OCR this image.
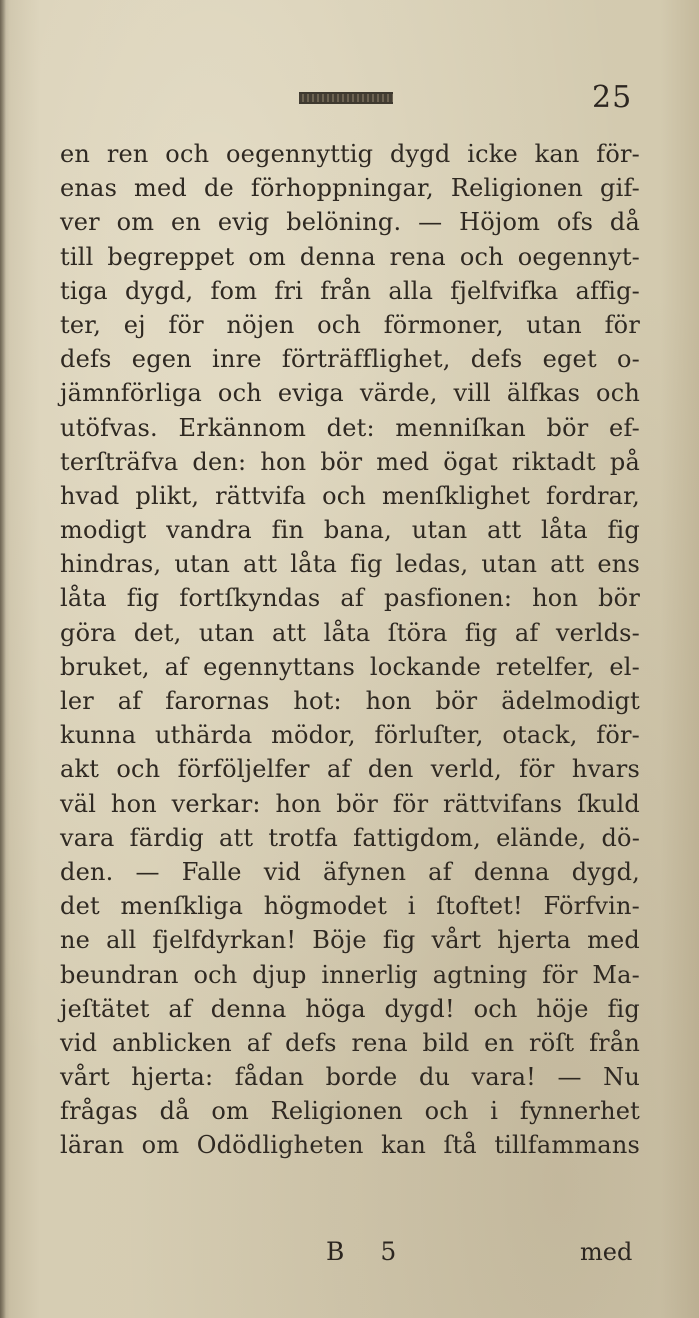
25
en ren och oegennyttig dygd icke kan för-
enas med de förhoppningar, Religionen gif-
ver om en evig belöning. — Höjom ofs då
till begreppet om denna rena och oegennyt-
tiga dygd, fom fri från alla fjelfvifka affig-
ter, ej för nöjen och förmoner, utan för
defs egen inre förträfflighet, defs eget o-
jämnförliga och eviga värde, vill älfkas och
utöfvas. Erkännom det: menniſkan bör ef-
terſträfva den: hon bör med ögat riktadt på
hvad plikt, rättvifa och menſklighet fordrar,
modigt vandra fin bana, utan att låta fig
hindras, utan att låta fig ledas, utan att ens
låta fig fortſkyndas af pasfionen: hon bör
göra det, utan att låta ſtöra fig af verlds-
bruket, af egennyttans lockande retelfer, el-
ler af farornas hot: hon bör ädelmodigt
kunna uthärda mödor, förluſter, otack, för-
akt och förföljelfer af den verld, för hvars
väl hon verkar: hon bör för rättvifans ſkuld
vara färdig att trotfa fattigdom, elände, dö-
den. — Falle vid äfynen af denna dygd,
det menſkliga högmodet i ſtoftet! Förfvin-
ne all fjelfdyrkan! Böje fig vårt hjerta med
beundran och djup innerlig agtning för Ma-
jeſtätet af denna höga dygd! och höje fig
vid anblicken af defs rena bild en röſt från
vårt hjerta: fådan borde du vara! — Nu
frågas då om Religionen och i fynnerhet
läran om Odödligheten kan ſtå tillfammans
B 5	med
